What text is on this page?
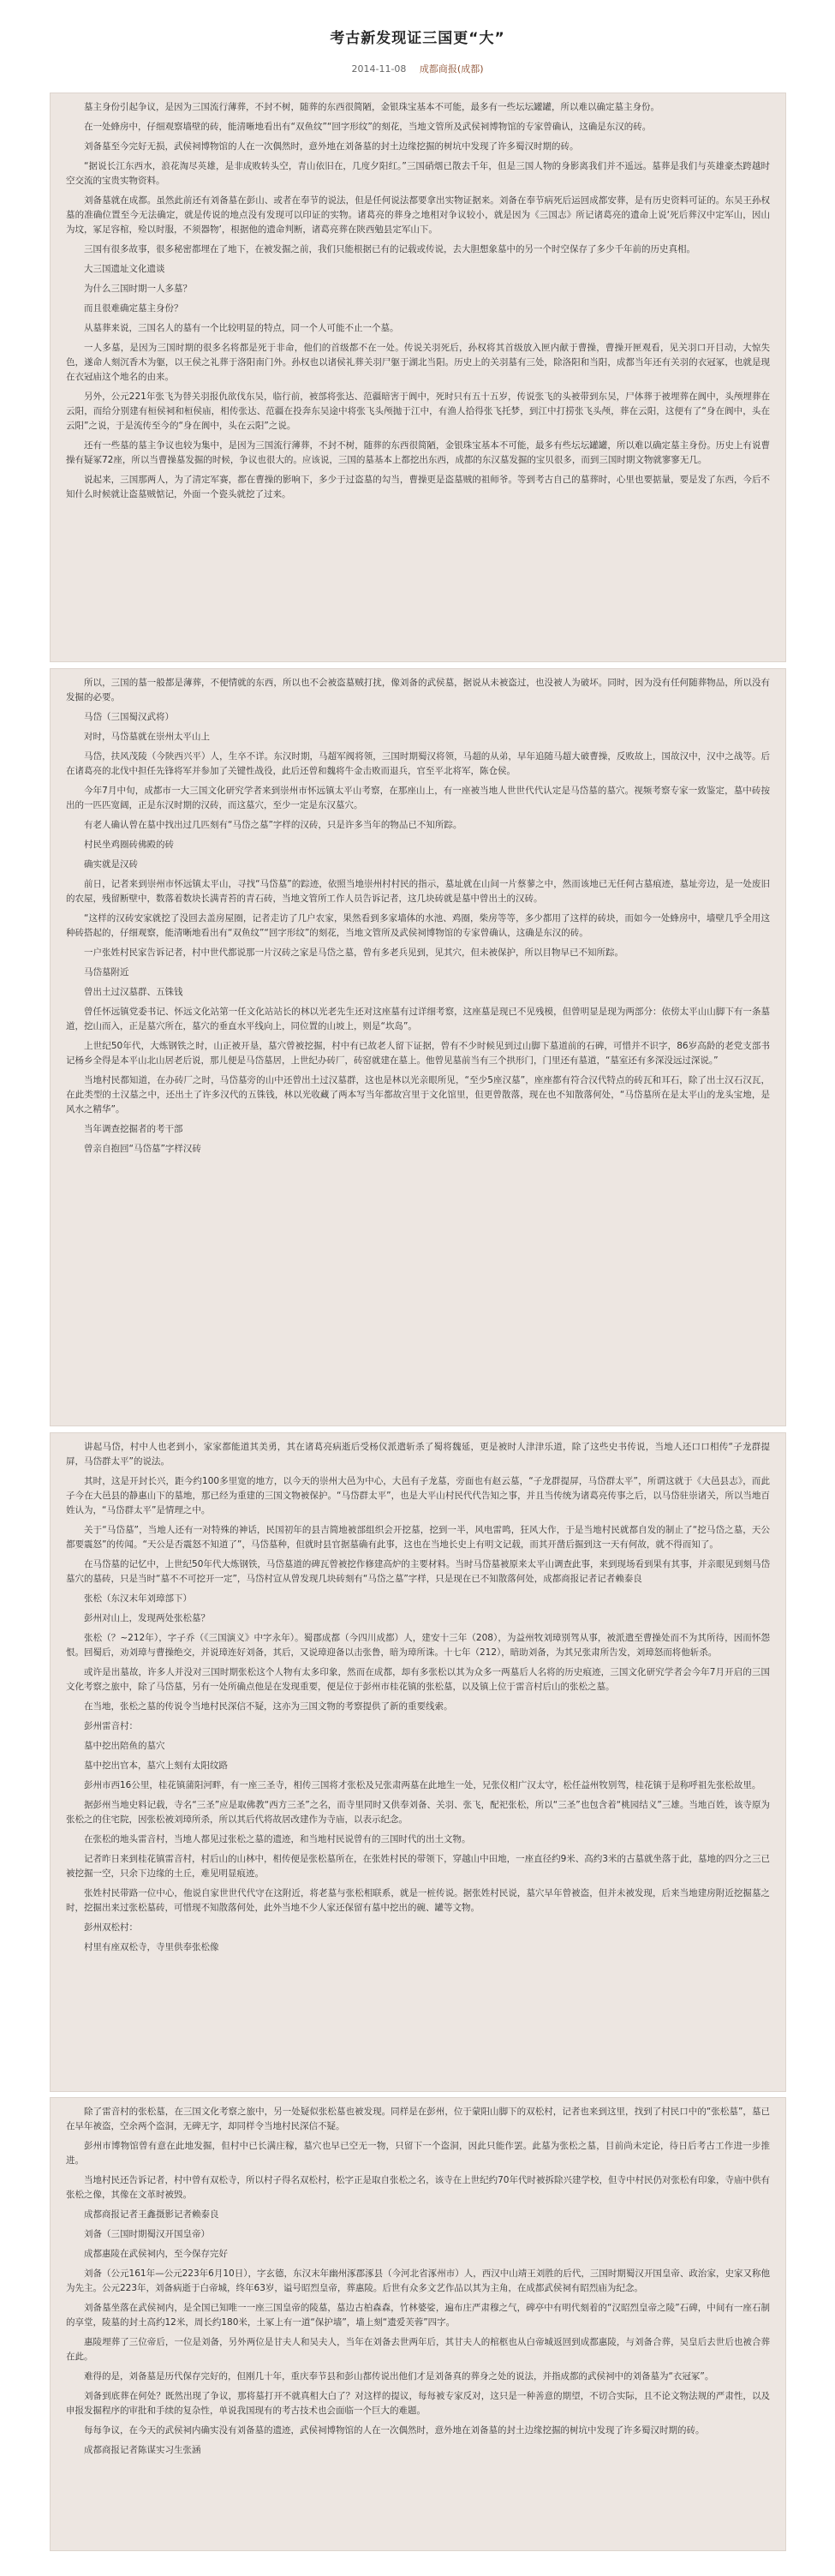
考古新发现证三国更“大”
2014-11-08 成都商报(成都)

墓主身份引起争议，是因为三国流行薄葬，不封不树，随葬的东西很简陋，金银珠宝基本不可能，最多有一些坛坛罐罐，所以难以确定墓主身份。

在一处蜂房中，仔细观察墙壁的砖，能清晰地看出有“双鱼纹”“回字形纹”的刻花，当地文管所及武侯祠博物馆的专家曾确认，这确是东汉的砖。

刘备墓至今完好无损，武侯祠博物馆的人在一次偶然时，意外地在刘备墓的封土边缘挖掘的树坑中发现了许多蜀汉时期的砖。

“据说长江东西水，浪花淘尽英雄，是非成败转头空，青山依旧在，几度夕阳红。”三国硝烟已散去千年，但是三国人物的身影离我们并不遥远。墓葬是我们与英雄豪杰跨越时空交流的宝贵实物资料。

刘备墓就在成都。虽然此前还有刘备墓在彭山、或者在奉节的说法，但是任何说法都要拿出实物证据来。刘备在奉节病死后运回成都安葬，是有历史资料可证的。东吴王孙权墓的准确位置至今无法确定，就是传说的地点没有发现可以印证的实物。诸葛亮的葬身之地相对争议较小，就是因为《三国志》所记诸葛亮的遗命上说‘死后葬汉中定军山，因山为坟，冢足容棺，殓以时服，不须器物’，根据他的遗命判断，诸葛亮葬在陕西勉县定军山下。

三国有很多故事，很多秘密都埋在了地下，在被发掘之前，我们只能根据已有的记载或传说，去大胆想象墓中的另一个时空保存了多少千年前的历史真相。

大三国遗址文化遗谈

为什么三国时期一人多墓？

而且很难确定墓主身份？

从墓葬来说，三国名人的墓有一个比较明显的特点，同一个人可能不止一个墓。

一人多墓，是因为三国时期的很多名将都是死于非命，他们的首级都不在一处。传说关羽死后，孙权将其首级放入匣内献于曹操，曹操开匣观看，见关羽口开目动，大惊失色，遂命人刻沉香木为躯，以王侯之礼葬于洛阳南门外。孙权也以诸侯礼葬关羽尸躯于湖北当阳。历史上的关羽墓有三处，除洛阳和当阳，成都当年还有关羽的衣冠冢，也就是现在衣冠庙这个地名的由来。

另外，公元221年张飞为替关羽报仇欲伐东吴，临行前，被部将张达、范疆暗害于阆中，死时只有五十五岁，传说张飞的头被带到东吴，尸体葬于被埋葬在阆中，头颅埋葬在云阳，而给分别建有桓侯祠和桓侯庙，相传张达、范疆在投奔东吴途中将张飞头颅抛于江中，有渔人拾得张飞托梦，到江中打捞张飞头颅，葬在云阳，这便有了“身在阆中，头在云阳”之说，于是流传至今的“身在阆中，头在云阳”之说。

还有一些墓的墓主争议也较为集中，是因为三国流行薄葬，不封不树，随葬的东西很简陋，金银珠宝基本不可能，最多有些坛坛罐罐，所以难以确定墓主身份。历史上有说曹操有疑冢72座，所以当曹操墓发掘的时候，争议也很大的。应该说，三国的墓基本上都挖出东西，成都的东汉墓发掘的宝贝很多，而到三国时期文物就寥寥无几。

说起来，三国那两人，为了清定军赛，都在曹操的影响下，多少于过盗墓的勾当，曹操更是盗墓贼的祖师爷。等到考古自己的墓葬时，心里也要掂量，要是发了东西，今后不知什么时候就让盗墓贼惦记，外面一个瓷头就挖了过来。

所以，三国的墓一般都是薄葬，不便情就的东西，所以也不会被盗墓贼打扰，像刘备的武侯墓，据说从未被盗过，也没被人为破坏。同时，因为没有任何随葬物品，所以没有发掘的必要。

马岱（三国蜀汉武将）

对时，马岱墓就在崇州太平山上

马岱，扶风茂陵（今陕西兴平）人，生卒不详。东汉时期，马超军阀将领，三国时期蜀汉将领，马超的从弟，早年追随马超大破曹操，反败故上，国故汉中，汉中之战等。后在诸葛亮的北伐中担任先锋将军并参加了关键性战役，此后还曾和魏将牛金击败而退兵，官至平北将军，陈仓侯。

今年7月中旬，成都市一大三国文化研究学者来到崇州市怀远镇太平山考察，在那座山上，有一座被当地人世世代代认定是马岱墓的墓穴。视频考察专家一致鉴定，墓中砖按出的一匹匹宽阔，正是东汉时期的汉砖，而这墓穴，至少一定是东汉墓穴。

有老人确认曾在墓中找出过几匹刻有“马岱之墓”字样的汉砖，只是许多当年的物品已不知所踪。

村民坐鸡圈砖佛殿的砖

确实就是汉砖

前日，记者来到崇州市怀远镇太平山，寻找“马岱墓”的踪迹，依照当地崇州村村民的指示，墓址就在山间一片蔡蓼之中，然而该地已无任何古墓痕迹，墓址旁边，是一处废旧的农屋，残留断壁中，数落着数块长满青苔的青石砖，当地文管所工作人员告诉记者，这几块砖就是墓中曾出土的汉砖。

“这样的汉砖安家就挖了没回去盖房屋圈，记者走访了几户农家，果然看到多家墙体的水池、鸡圈，柴房等等，多少都用了这样的砖块，而如今一处蜂房中，墙壁几乎全用这种砖搭起的，仔细观察，能清晰地看出有“双鱼纹”“回字形纹”的刻花，当地文管所及武侯祠博物馆的专家曾确认，这确是东汉的砖。

一户张姓村民家告诉记者，村中世代都说那一片汉砖之家是马岱之墓，曾有多老兵见到，见其穴，但未被保护，所以目物早已不知所踪。

马岱墓附近

曾出土过汉墓群、五铢钱

曾任怀远镇党委书记、怀远文化站第一任文化站站长的林以光老先生还对这座墓有过详细考察，这座墓是现已不见残模，但曾明显是现为两部分：依傍太平山山脚下有一条墓道，挖山而入，正是墓穴所在，墓穴的垂直水平线向上，同位置的山坡上，则是“坎岛”。

上世纪50年代，大炼钢铁之时，山正被开垦，墓穴曾被挖掘，村中有已故老人留下证据，曾有不少时候见到过山脚下墓道前的石碑，可惜并不识字，86岁高龄的老党支部书记杨乡全得是本平山北山居老后说，那儿便是马岱墓居，上世纪办砖厂，砖窑就建在墓上。他曾见墓前当有三个拱形门，门里还有墓道，“墓室还有多深没远过深说。”

当地村民都知道，在办砖厂之时，马岱墓旁的山中还曾出土过汉墓群，这也是林以光亲眼所见，“至少5座汉墓”，座座都有符合汉代特点的砖瓦和耳石，除了出土汉石汉瓦，在此类型的土汉墓之中，还出土了许多汉代的五铢钱，林以光收藏了两本写当年都故宫里于文化馆里，但更曾散落，现在也不知散落何处，“马岱墓所在是太平山的龙头宝地，是风水之精华”。

当年调查挖掘者的考干部

曾亲自抱回“马岱墓”字样汉砖

讲起马岱，村中人也老到小，家家都能道其美勇，其在诸葛亮病逝后受杨仪派遣斩杀了蜀将魏延，更是被时人津津乐道，除了这些史书传说，当地人还口口相传“子龙群提屏，马岱群太平”的说法。

其时，这是开封长兴，距今约100多里宽的地方，以今天的崇州大邑为中心，大邑有子龙墓，旁面也有赵云墓，“子龙群提屏，马岱群太平”，所谓这就于《大邑县志》，而此子今在大邑县的静惠山下的墓地，那已经为重建的三国文物被保护。“马岱群太平”，也是大平山村民代代告知之事，并且当传统为诸葛亮传事之后，以马岱驻崇诸关，所以当地百姓认为，“马岱群太平”是情理之中。

关于“马岱墓”，当地人还有一对特殊的神话，民国初年的县吉简地被部组织会开挖墓，挖到一半，风电雷鸣，狂风大作，于是当地村民就都自发的制止了“挖马岱之墓，天公都要震怒”的传闻。“天公是否震怒不知道了”，马岱墓种，但就时县官据墓确有此事，这也在当地长史上有明文记载，而其开凿后掘到这一天有何故，就不得而知了。

在马岱墓的记忆中，上世纪50年代大炼钢铁，马岱墓道的碑瓦曾被挖作修建高炉的主要材料。当时马岱墓被原来太平山调查此事，来到现场看到果有其事，并亲眼见到刻马岱墓穴的墓砖，只是当时“墓不不可挖开一定”，马岱村宣从曾发现几块砖刻有“马岱之墓”字样，只是现在已不知散落何处，成都商报记者记者赖泰良

张松（东汉末年刘璋部下）

彭州对山上，发现两处张松墓？

张松（？~212年），字子乔（《三国演义》中字永年）。蜀郡成都（今四川成都）人，建安十三年（208），为益州牧刘璋别驾从事，被派遣至曹操处而不为其所待，因而怀怨恨。回蜀后，劝刘璋与曹操绝交，并说璋连好刘备，其后，又说璋迎备以击张鲁，暗为璋所诛。十七年（212），暗助刘备，为其兄张肃所告发，刘璋怒而将他斩杀。

或许是出墓故，许多人并没对三国时期张松这个人物有太多印象，然而在成都，却有多张松以其为众多一两墓后人名将的历史痕迹，三国文化研究学者会今年7月开启的三国文化考察之旅中，除了马岱墓，另有一处所确点他是在发现重要，便是位于彭州市桂花镇的张松墓，以及镇上位于雷音村后山的张松之墓。

在当地，张松之墓的传说令当地村民深信不疑，这亦为三国文物的考察提供了新的重要线索。

彭州雷音村：

墓中挖出陪鱼的墓穴

墓中挖出官本，墓穴上刻有太阳纹路

彭州市西16公里，桂花镇蒲阳河畔，有一座三圣寺，相传三国将才张松及兄张肃两墓在此地生一处，兄张仪相广汉太守，松任益州牧别驾，桂花镇于是称呼祖先张松故里。

据彭州当地史料记载，寺名“三圣”应是取佛教“西方三圣”之名，而寺里同时又供奉刘备、关羽、张飞，配祀张松，所以“三圣”也包含着“桃园结义”三雄。当地百姓，该寺原为张松之的住宅院，因张松被刘璋所杀，所以其后代将故居改建作为寺庙，以表示纪念。

在张松的地头雷音村，当地人都见过张松之墓的遗迹，和当地村民说曾有的三国时代的出土文物。

记者昨日来到桂花镇雷音村，村后山的山林中，相传便是张松墓所在，在张姓村民的带领下，穿越山中田地，一座直径约9米、高约3米的古墓就坐落于此，墓地的四分之三已被挖掘一空，只余下边缘的土丘，难见明显痕迹。

张姓村民带路一位中心，他说自家世世代代守在这附近，将老墓与张松相联系，就是一桩传说。据张姓村民说，墓穴早年曾被盗，但并未被发现，后来当地建房附近挖掘墓之时，挖掘出来过张松墓砖，可惜现不知散落何处，此外当地不少人家还保留有墓中挖出的碗、罐等文物。

彭州双松村：

村里有座双松寺，寺里供奉张松像

除了雷音村的张松墓，在三国文化考察之旅中，另一处疑似张松墓也被发现。同样是在彭州，位于蒙阳山脚下的双松村，记者也来到这里，找到了村民口中的“张松墓”，墓已在早年被盗，空余两个盗洞，无碑无字，却同样令当地村民深信不疑。

彭州市博物馆曾有意在此地发掘，但村中已长满庄稼，墓穴也早已空无一物，只留下一个盗洞，因此只能作罢。此墓为张松之墓，目前尚未定论，待日后考古工作进一步推进。

当地村民还告诉记者，村中曾有双松寺，所以村子得名双松村，松字正是取自张松之名，该寺在上世纪约70年代时被拆除兴建学校，但寺中村民仍对张松有印象，寺庙中供有张松之像，其像在文革时被毁。

成都商报记者王鑫摄影记者赖泰良

刘备（三国时期蜀汉开国皇帝）

成都惠陵在武侯祠内，至今保存完好

刘备（公元161年—公元223年6月10日），字玄德，东汉末年幽州涿郡涿县（今河北省涿州市）人，西汉中山靖王刘胜的后代，三国时期蜀汉开国皇帝、政治家，史家又称他为先主。公元223年，刘备病逝于白帝城，终年63岁，谥号昭烈皇帝，葬惠陵。后世有众多文艺作品以其为主角，在成都武侯祠有昭烈庙为纪念。

刘备墓坐落在武侯祠内，是全国已知唯一一座三国皇帝的陵墓，墓边古柏森森，竹林婆娑，遍布庄严肃穆之气，碑亭中有明代刻着的“汉昭烈皇帝之陵”石碑，中间有一座石制的享堂，陵墓的封土高约12米，周长约180米，土冢上有一道“保护墙”，墙上刻“遗爱芙蓉”四字。

惠陵埋葬了三位帝后，一位是刘备，另外两位是甘夫人和吴夫人，当年在刘备去世两年后，其甘夫人的棺柩也从白帝城返回到成都惠陵，与刘备合葬，吴皇后去世后也被合葬在此。

难得的是，刘备墓是历代保存完好的，但刚几十年，重庆奉节县和彭山都传说出他们才是刘备真的葬身之处的说法，并指成都的武侯祠中的刘备墓为“衣冠冢”。

刘备到底葬在何处？既然出现了争议，那将墓打开不就真相大白了？对这样的提议，每每被专家反对，这只是一种善意的期望，不切合实际，且不论文物法规的严肃性，以及申报发掘程序的审批和手续的复杂性，单说我国现有的考古技术也会面临一个巨大的难题。

每每争议，在今天的武侯祠内确实没有刘备墓的遗迹，武侯祠博物馆的人在一次偶然时，意外地在刘备墓的封土边缘挖掘的树坑中发现了许多蜀汉时期的砖。

成都商报记者陈谋实习生张涵
